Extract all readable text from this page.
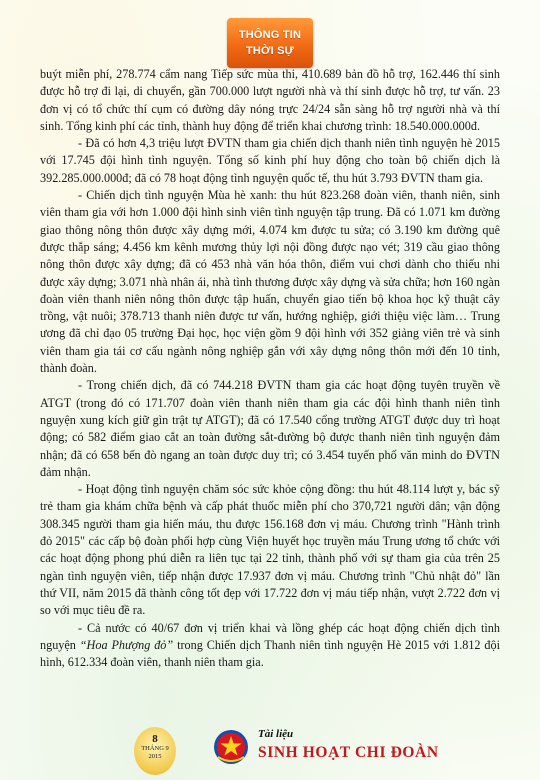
THÔNG TIN
THỜI SỰ

buýt miễn phí, 278.774 cẩm nang Tiếp sức mùa thi, 410.689 bản đồ hỗ trợ, 162.446 thí sinh được hỗ trợ đi lại, di chuyển, gần 700.000 lượt người nhà và thí sinh được hỗ trợ, tư vấn. 23 đơn vị có tổ chức thí cụm có đường dây nóng trực 24/24 sẵn sàng hỗ trợ người nhà và thí sinh. Tổng kinh phí các tỉnh, thành huy động để triển khai chương trình: 18.540.000.000đ.

- Đã có hơn 4,3 triệu lượt ĐVTN tham gia chiến dịch thanh niên tình nguyện hè 2015 với 17.745 đội hình tình nguyện. Tổng số kinh phí huy động cho toàn bộ chiến dịch là 392.285.000.000đ; đã có 78 hoạt động tình nguyện quốc tế, thu hút 3.793 ĐVTN tham gia.

- Chiến dịch tình nguyện Mùa hè xanh: thu hút 823.268 đoàn viên, thanh niên, sinh viên tham gia với hơn 1.000 đội hình sinh viên tình nguyện tập trung. Đã có 1.071 km đường giao thông nông thôn được xây dựng mới, 4.074 km được tu sửa; có 3.190 km đường quê được thắp sáng; 4.456 km kênh mương thủy lợi nội đồng được nạo vét; 319 cầu giao thông nông thôn được xây dựng; đã có 453 nhà văn hóa thôn, điểm vui chơi dành cho thiếu nhi được xây dựng; 3.071 nhà nhân ái, nhà tình thương được xây dựng và sửa chữa; hơn 160 ngàn đoàn viên thanh niên nông thôn được tập huấn, chuyển giao tiến bộ khoa học kỹ thuật cây trồng, vật nuôi; 378.713 thanh niên được tư vấn, hướng nghiệp, giới thiệu việc làm… Trung ương đã chỉ đạo 05 trường Đại học, học viện gồm 9 đội hình với 352 giảng viên trẻ và sinh viên tham gia tái cơ cấu ngành nông nghiệp gắn với xây dựng nông thôn mới đến 10 tỉnh, thành đoàn.

- Trong chiến dịch, đã có 744.218 ĐVTN tham gia các hoạt động tuyên truyền về ATGT (trong đó có 171.707 đoàn viên thanh niên tham gia các đội hình thanh niên tình nguyện xung kích giữ gìn trật tự ATGT); đã có 17.540 cổng trường ATGT được duy trì hoạt động; có 582 điểm giao cắt an toàn đường sắt-đường bộ được thanh niên tình nguyện đảm nhận; đã có 658 bến đò ngang an toàn được duy trì; có 3.454 tuyến phố văn minh do ĐVTN đảm nhận.

- Hoạt động tình nguyện chăm sóc sức khỏe cộng đồng: thu hút 48.114 lượt y, bác sỹ trẻ tham gia khám chữa bệnh và cấp phát thuốc miễn phí cho 370,721 người dân; vận động 308.345 người tham gia hiến máu, thu được 156.168 đơn vị máu. Chương trình "Hành trình đỏ 2015" các cấp bộ đoàn phối hợp cùng Viện huyết học truyền máu Trung ương tổ chức với các hoạt động phong phú diễn ra liên tục tại 22 tỉnh, thành phố với sự tham gia của trên 25 ngàn tình nguyện viên, tiếp nhận được 17.937 đơn vị máu. Chương trình "Chủ nhật đỏ" lần thứ VII, năm 2015 đã thành công tốt đẹp với 17.722 đơn vị máu tiếp nhận, vượt 2.722 đơn vị so với mục tiêu đề ra.

- Cả nước có 40/67 đơn vị triển khai và lồng ghép các hoạt động chiến dịch tình nguyện “Hoa Phượng đỏ” trong Chiến dịch Thanh niên tình nguyện Hè 2015 với 1.812 đội hình, 612.334 đoàn viên, thanh niên tham gia.

8
THÁNG 9
2015
Tài liệu
SINH HOẠT CHI ĐOÀN
